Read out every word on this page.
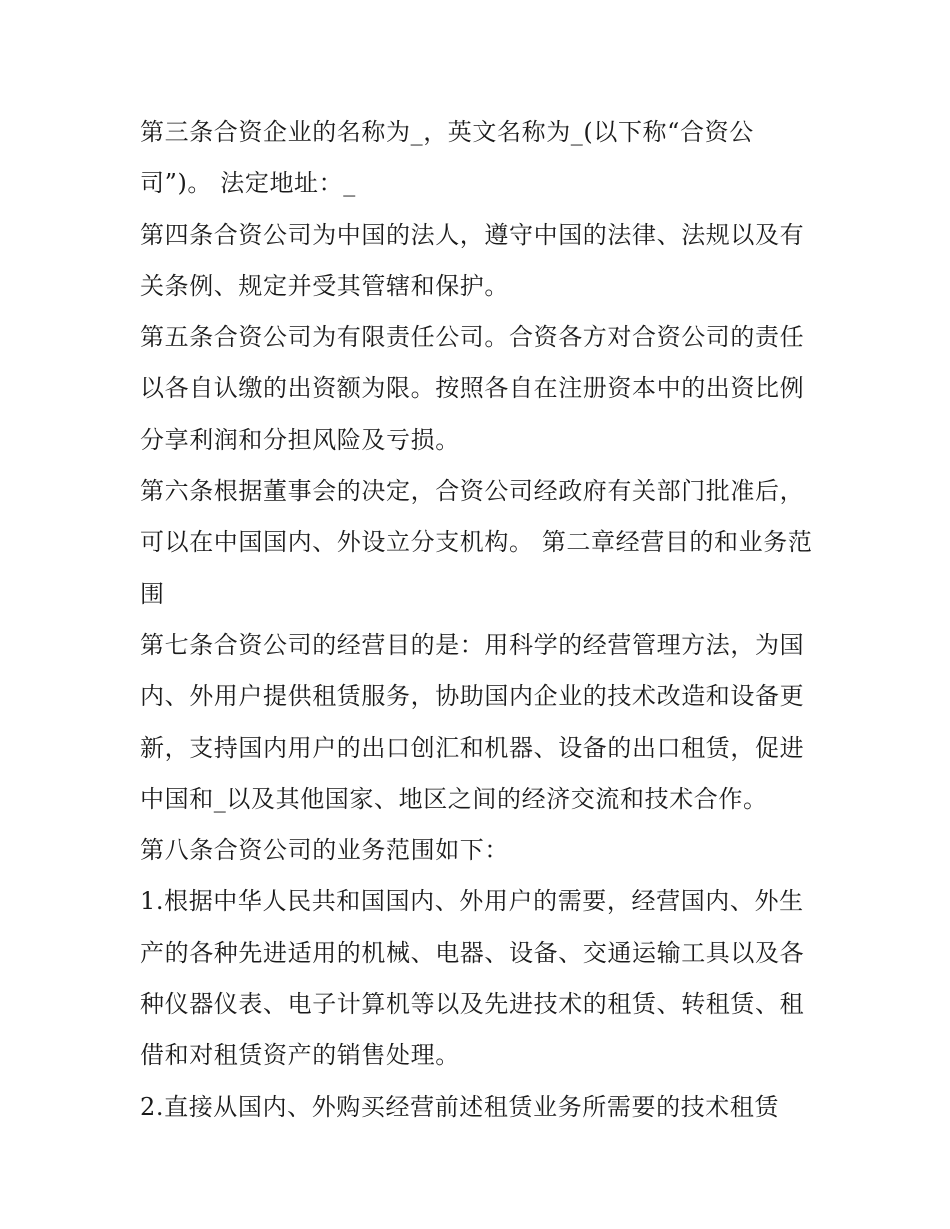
第三条合资企业的名称为_，英文名称为_(以下称“合资公司”)。 法定地址：_

第四条合资公司为中国的法人，遵守中国的法律、法规以及有关条例、规定并受其管辖和保护。

第五条合资公司为有限责任公司。合资各方对合资公司的责任以各自认缴的出资额为限。按照各自在注册资本中的出资比例分享利润和分担风险及亏损。

第六条根据董事会的决定，合资公司经政府有关部门批准后，可以在中国国内、外设立分支机构。 第二章经营目的和业务范围

第七条合资公司的经营目的是：用科学的经营管理方法，为国内、外用户提供租赁服务，协助国内企业的技术改造和设备更新，支持国内用户的出口创汇和机器、设备的出口租赁，促进中国和_以及其他国家、地区之间的经济交流和技术合作。

第八条合资公司的业务范围如下：

1.根据中华人民共和国国内、外用户的需要，经营国内、外生产的各种先进适用的机械、电器、设备、交通运输工具以及各种仪器仪表、电子计算机等以及先进技术的租赁、转租赁、租借和对租赁资产的销售处理。

2.直接从国内、外购买经营前述租赁业务所需要的技术租赁
